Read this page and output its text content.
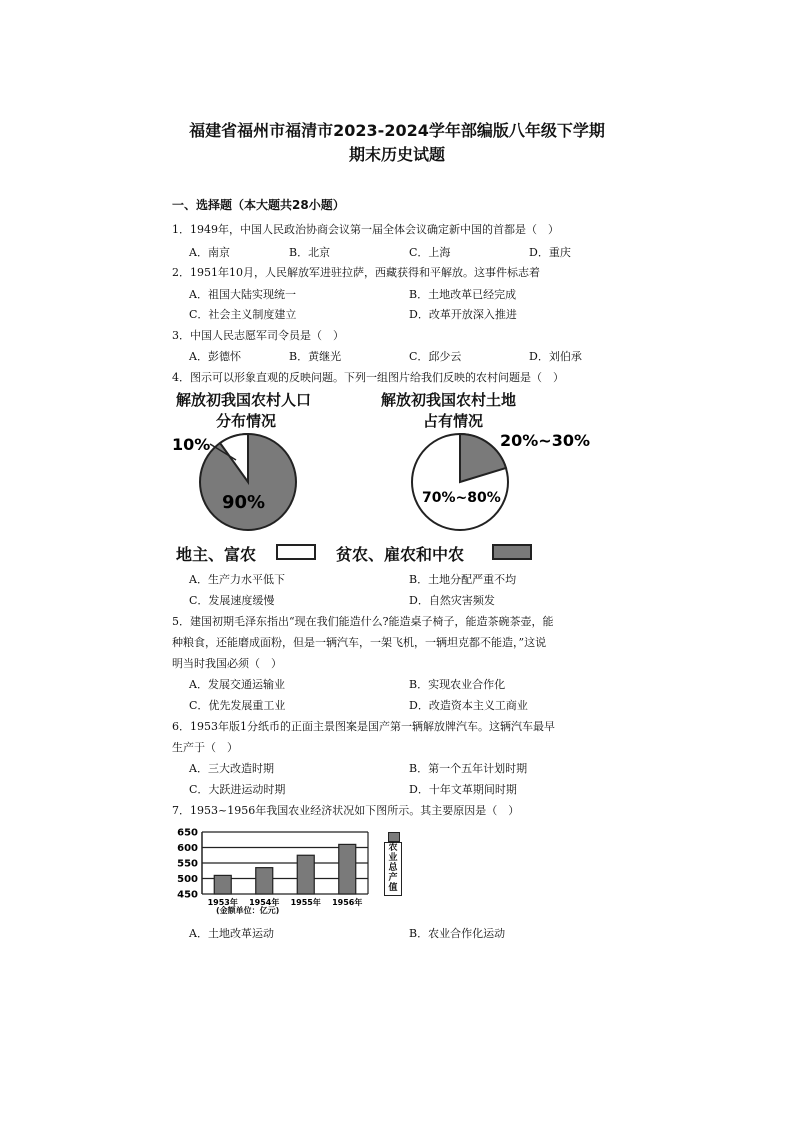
福建省福州市福清市2023-2024学年部编版八年级下学期
期末历史试题
一、选择题（本大题共28小题）
1．1949年，中国人民政治协商会议第一届全体会议确定新中国的首都是（　）
A．南京	B．北京	C．上海	D．重庆
2．1951年10月，人民解放军进驻拉萨，西藏获得和平解放。这事件标志着
A．祖国大陆实现统一	B．土地改革已经完成
C．社会主义制度建立	D．改革开放深入推进
3．中国人民志愿军司令员是（　）
A．彭德怀	B．黄继光	C．邱少云	D．刘伯承
4．图示可以形象直观的反映问题。下列一组图片给我们反映的农村问题是（　）
解放初我国农村人口
分布情况
解放初我国农村土地
占有情况
10%
90%
20%~30%
70%~80%
地主、富农	贫农、雇农和中农
A．生产力水平低下	B．土地分配严重不均
C．发展速度缓慢	D．自然灾害频发
5．建国初期毛泽东指出“现在我们能造什么?能造桌子椅子，能造茶碗茶壶，能
种粮食，还能磨成面粉，但是一辆汽车，一架飞机，一辆坦克都不能造，”这说
明当时我国必须（　）
A．发展交通运输业	B．实现农业合作化
C．优先发展重工业	D．改造资本主义工商业
6．1953年版1分纸币的正面主景图案是国产第一辆解放牌汽车。这辆汽车最早
生产于（　）
A．三大改造时期	B．第一个五年计划时期
C．大跃进运动时期	D．十年文革期间时期
7．1953~1956年我国农业经济状况如下图所示。其主要原因是（　）
650
600
550
500
450
1953年 1954年 1955年 1956年
(金额单位：亿元)
农
业
总
产
值
A．土地改革运动	B．农业合作化运动
